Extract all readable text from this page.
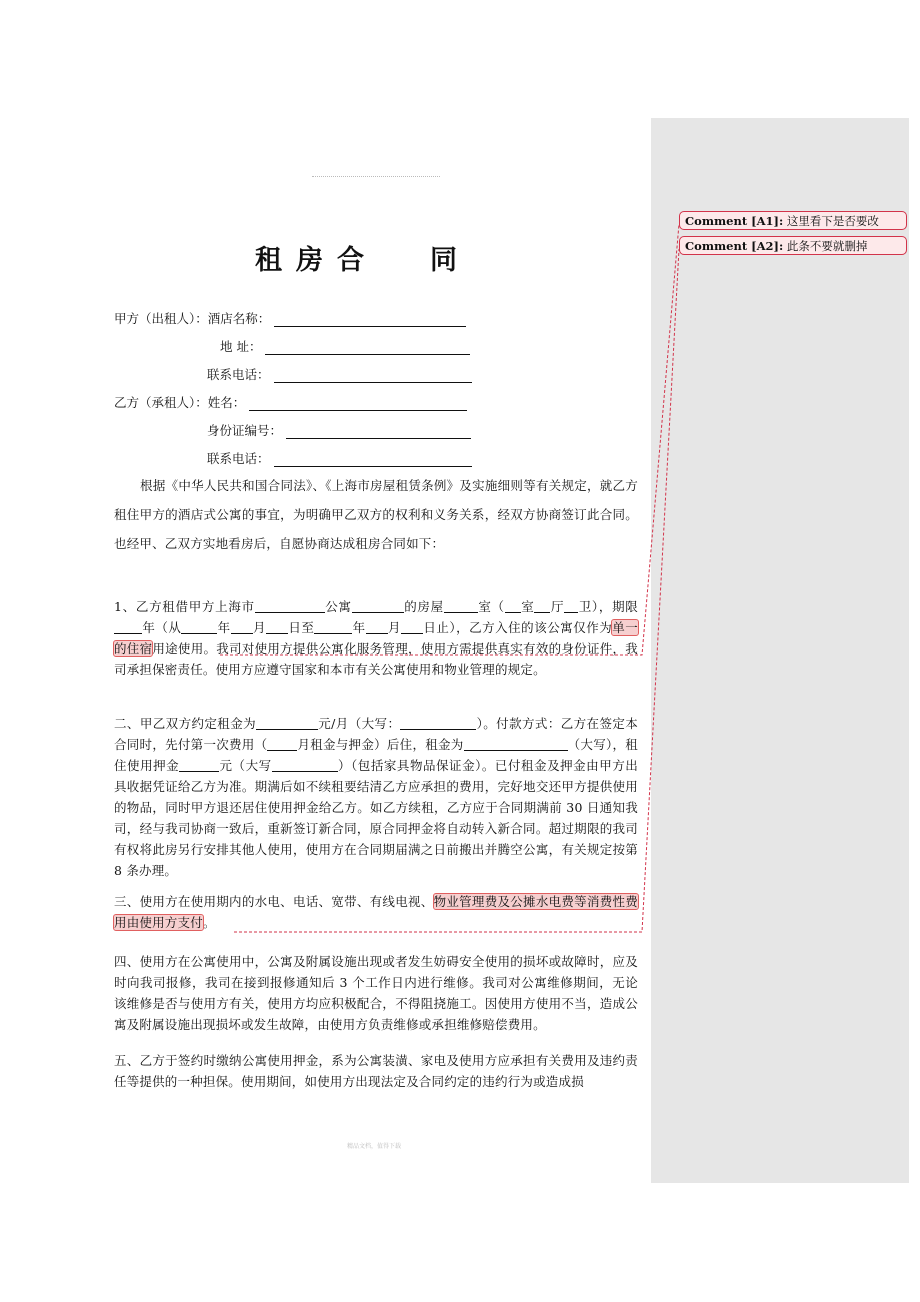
租房合 同
甲方（出租人）：酒店名称：
地 址：
联系电话：
乙方（承租人）：姓名：
身份证编号：
联系电话：
根据《中华人民共和国合同法》、《上海市房屋租赁条例》及实施细则等有关规定，就乙方租住甲方的酒店式公寓的事宜，为明确甲乙双方的权利和义务关系，经双方协商签订此合同。也经甲、乙双方实地看房后，自愿协商达成租房合同如下：
1、乙方租借甲方上海市	公寓	的房屋	室（ 室 厅 卫），期限年（从	年 月 日至	年 月 日止），乙方入住的该公寓仅作为单一的住宿用途使用。我司对使用方提供公寓化服务管理，使用方需提供真实有效的身份证件，我司承担保密责任。使用方应遵守国家和本市有关公寓使用和物业管理的规定。
二、甲乙双方约定租金为	元/月（大写：	）。付款方式：乙方在签定本合同时，先付第一次费用（ 月租金与押金）后住，租金为	（大写），租住使用押金	元（大写	）（包括家具物品保证金）。已付租金及押金由甲方出具收据凭证给乙方为准。期满后如不续租要结清乙方应承担的费用，完好地交还甲方提供使用的物品，同时甲方退还居住使用押金给乙方。如乙方续租，乙方应于合同期满前 30 日通知我司，经与我司协商一致后，重新签订新合同，原合同押金将自动转入新合同。超过期限的我司有权将此房另行安排其他人使用，使用方在合同期届满之日前搬出并腾空公寓，有关规定按第 8 条办理。
三、使用方在使用期内的水电、电话、宽带、有线电视、物业管理费及公摊水电费等消费性费用由使用方支付。
四、使用方在公寓使用中，公寓及附属设施出现或者发生妨碍安全使用的损坏或故障时，应及时向我司报修，我司在接到报修通知后 3 个工作日内进行维修。我司对公寓维修期间，无论该维修是否与使用方有关，使用方均应积极配合，不得阻挠施工。因使用方使用不当，造成公寓及附属设施出现损坏或发生故障，由使用方负责维修或承担维修赔偿费用。
五、乙方于签约时缴纳公寓使用押金，系为公寓装潢、家电及使用方应承担有关费用及违约责任等提供的一种担保。使用期间，如使用方出现法定及合同约定的违约行为或造成损
精品文档，值得下载
Comment [A1]: 这里看下是否要改
Comment [A2]: 此条不要就删掉
